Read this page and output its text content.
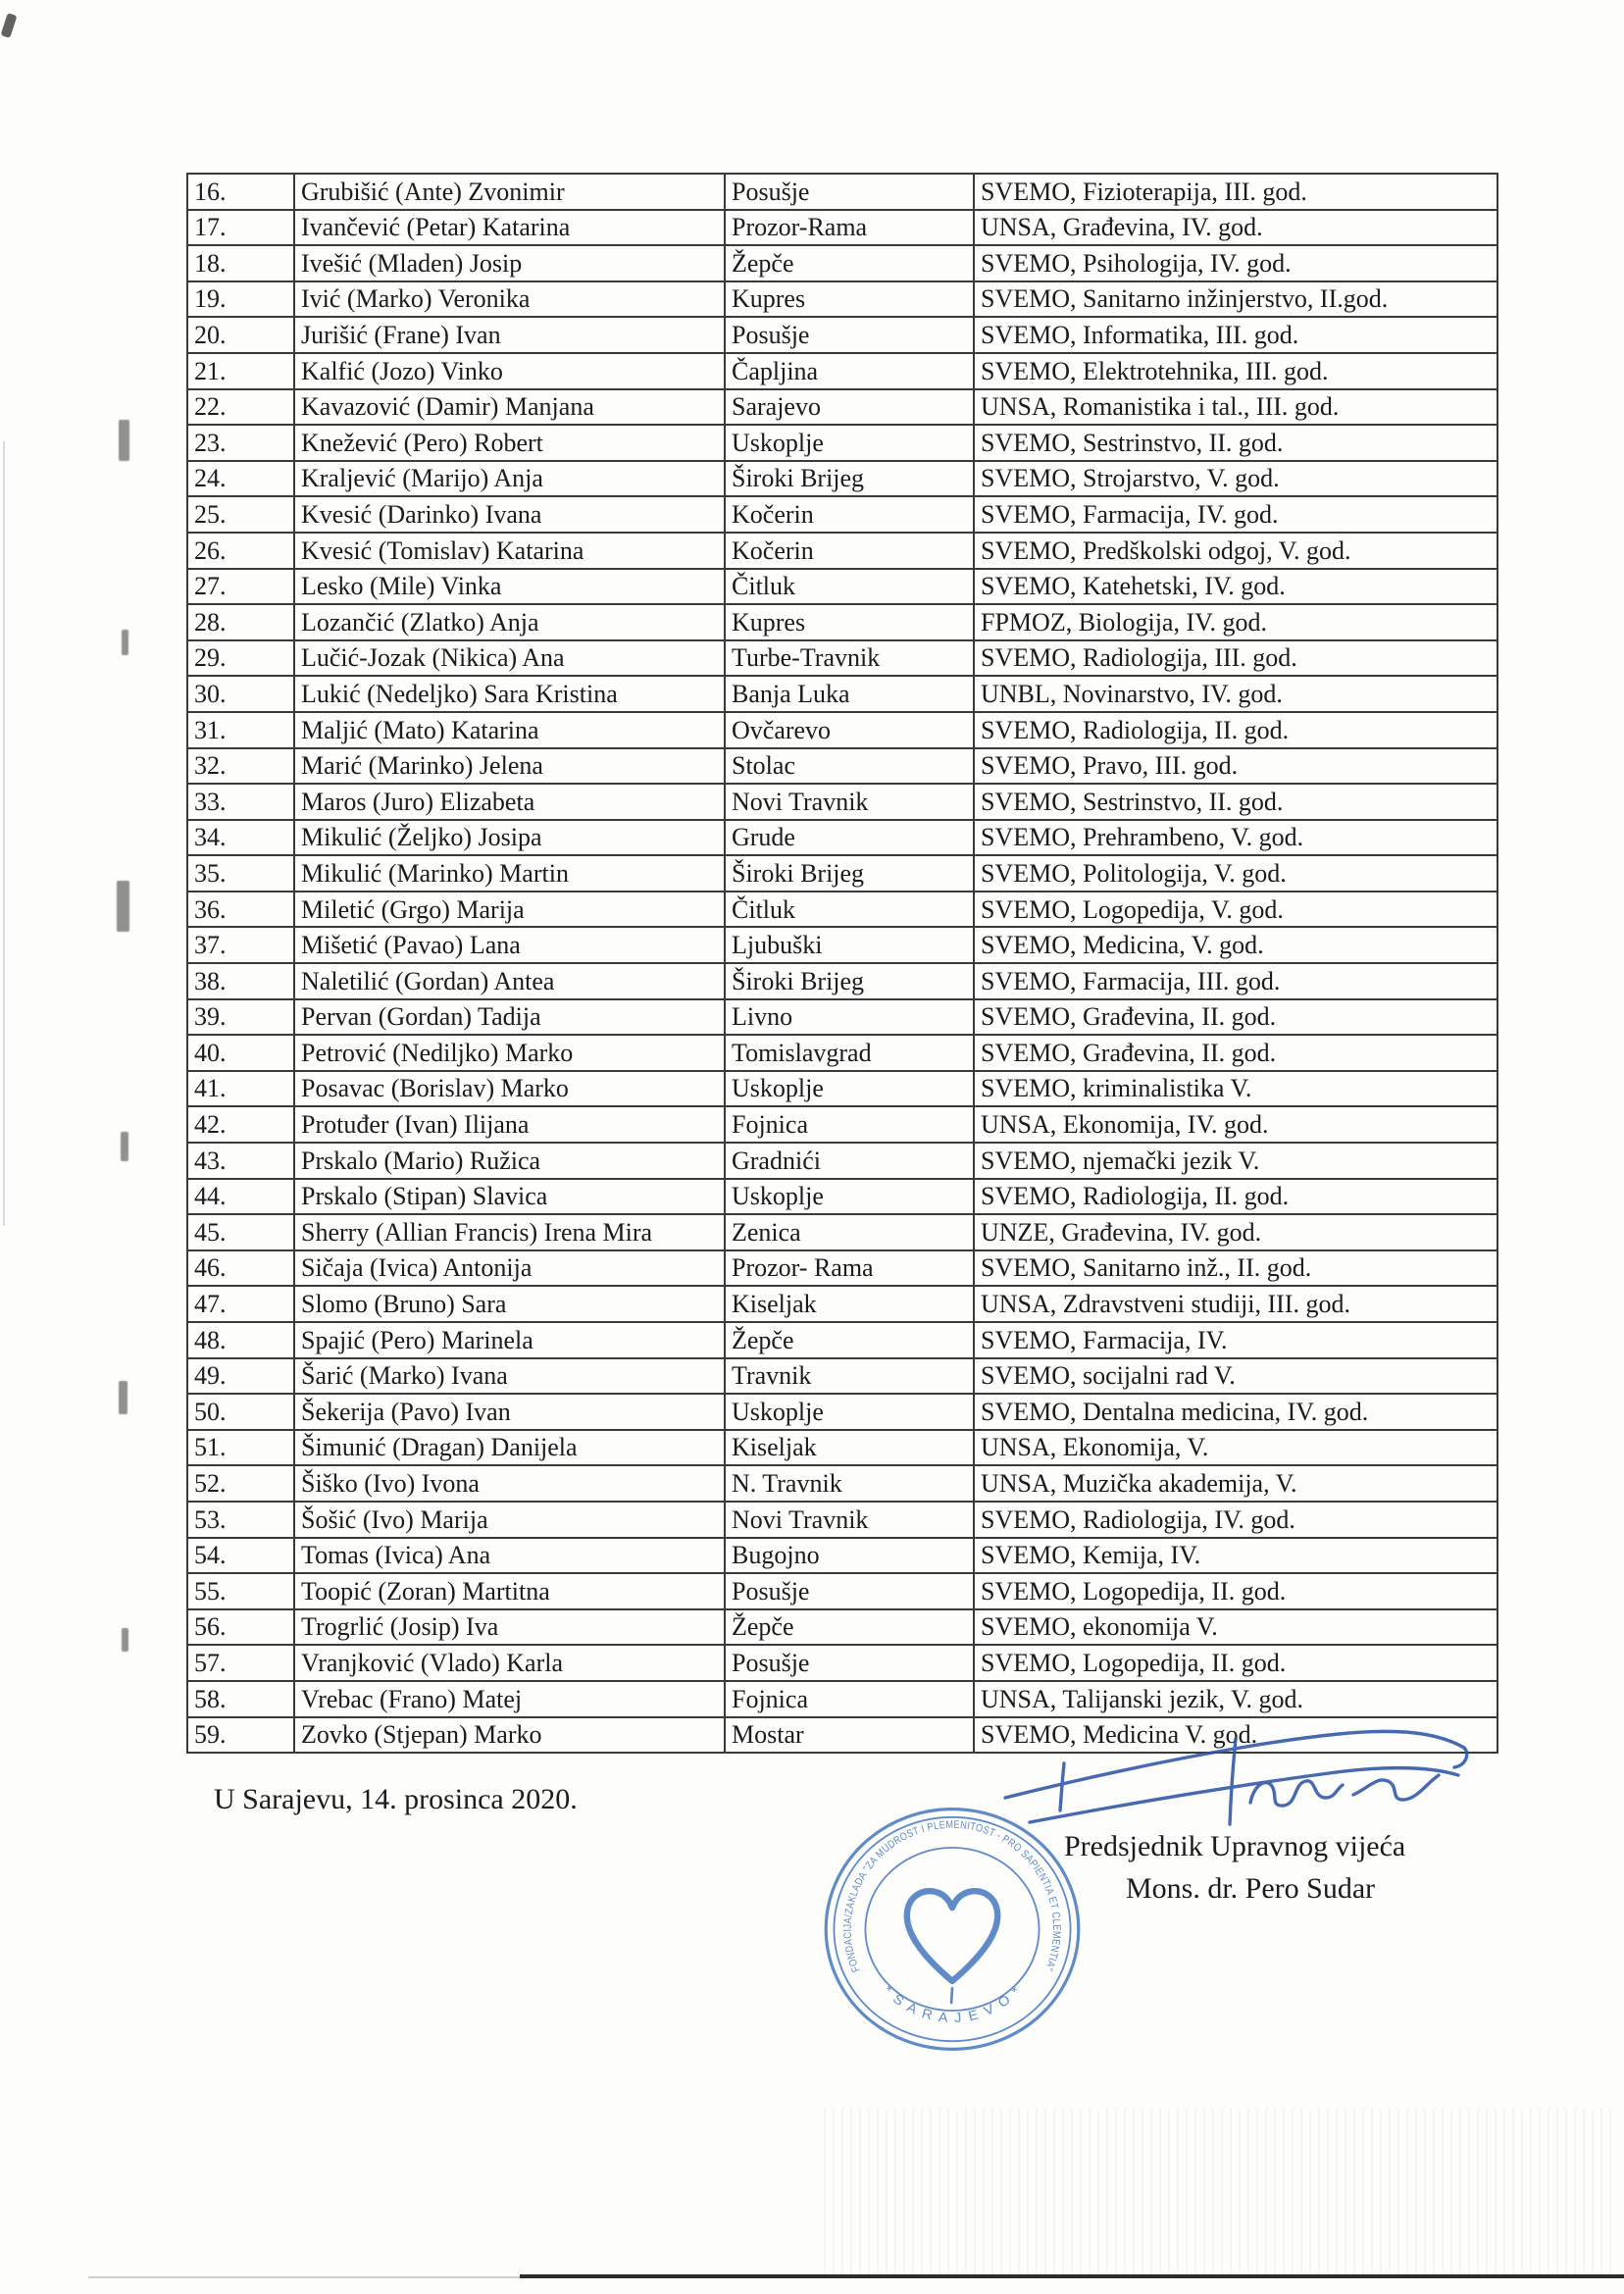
16.	Grubišić (Ante) Zvonimir	Posušje	SVEMO, Fizioterapija, III. god.
17.	Ivančević (Petar) Katarina	Prozor-Rama	UNSA, Građevina, IV. god.
18.	Ivešić (Mladen) Josip	Žepče	SVEMO, Psihologija, IV. god.
19.	Ivić (Marko) Veronika	Kupres	SVEMO, Sanitarno inžinjerstvo, II.god.
20.	Jurišić (Frane) Ivan	Posušje	SVEMO, Informatika, III. god.
21.	Kalfić (Jozo) Vinko	Čapljina	SVEMO, Elektrotehnika, III. god.
22.	Kavazović (Damir) Manjana	Sarajevo	UNSA, Romanistika i tal., III. god.
23.	Knežević (Pero) Robert	Uskoplje	SVEMO, Sestrinstvo, II. god.
24.	Kraljević (Marijo) Anja	Široki Brijeg	SVEMO, Strojarstvo, V. god.
25.	Kvesić (Darinko) Ivana	Kočerin	SVEMO, Farmacija, IV. god.
26.	Kvesić (Tomislav) Katarina	Kočerin	SVEMO, Predškolski odgoj, V. god.
27.	Lesko (Mile) Vinka	Čitluk	SVEMO, Katehetski, IV. god.
28.	Lozančić (Zlatko) Anja	Kupres	FPMOZ, Biologija, IV. god.
29.	Lučić-Jozak (Nikica) Ana	Turbe-Travnik	SVEMO, Radiologija, III. god.
30.	Lukić (Nedeljko) Sara Kristina	Banja Luka	UNBL, Novinarstvo, IV. god.
31.	Maljić (Mato) Katarina	Ovčarevo	SVEMO, Radiologija, II. god.
32.	Marić (Marinko) Jelena	Stolac	SVEMO, Pravo, III. god.
33.	Maros (Juro) Elizabeta	Novi Travnik	SVEMO, Sestrinstvo, II. god.
34.	Mikulić (Željko) Josipa	Grude	SVEMO, Prehrambeno, V. god.
35.	Mikulić (Marinko) Martin	Široki Brijeg	SVEMO, Politologija, V. god.
36.	Miletić (Grgo) Marija	Čitluk	SVEMO, Logopedija, V. god.
37.	Mišetić (Pavao) Lana	Ljubuški	SVEMO, Medicina, V. god.
38.	Naletilić (Gordan) Antea	Široki Brijeg	SVEMO, Farmacija, III. god.
39.	Pervan (Gordan) Tadija	Livno	SVEMO, Građevina, II. god.
40.	Petrović (Nediljko) Marko	Tomislavgrad	SVEMO, Građevina, II. god.
41.	Posavac (Borislav) Marko	Uskoplje	SVEMO, kriminalistika V.
42.	Protuđer (Ivan) Ilijana	Fojnica	UNSA, Ekonomija, IV. god.
43.	Prskalo (Mario) Ružica	Gradnići	SVEMO, njemački jezik V.
44.	Prskalo (Stipan) Slavica	Uskoplje	SVEMO, Radiologija, II. god.
45.	Sherry (Allian Francis) Irena Mira	Zenica	UNZE, Građevina, IV. god.
46.	Sičaja (Ivica) Antonija	Prozor- Rama	SVEMO, Sanitarno inž., II. god.
47.	Slomo (Bruno) Sara	Kiseljak	UNSA, Zdravstveni studiji, III. god.
48.	Spajić (Pero) Marinela	Žepče	SVEMO, Farmacija, IV.
49.	Šarić (Marko) Ivana	Travnik	SVEMO, socijalni rad V.
50.	Šekerija (Pavo) Ivan	Uskoplje	SVEMO, Dentalna medicina, IV. god.
51.	Šimunić (Dragan) Danijela	Kiseljak	UNSA, Ekonomija, V.
52.	Šiško (Ivo) Ivona	N. Travnik	UNSA, Muzička akademija, V.
53.	Šošić (Ivo) Marija	Novi Travnik	SVEMO, Radiologija, IV. god.
54.	Tomas (Ivica) Ana	Bugojno	SVEMO, Kemija, IV.
55.	Toopić (Zoran) Martitna	Posušje	SVEMO, Logopedija, II. god.
56.	Trogrlić (Josip) Iva	Žepče	SVEMO, ekonomija V.
57.	Vranjković (Vlado) Karla	Posušje	SVEMO, Logopedija, II. god.
58.	Vrebac (Frano) Matej	Fojnica	UNSA, Talijanski jezik, V. god.
59.	Zovko (Stjepan) Marko	Mostar	SVEMO, Medicina V. god.
U Sarajevu, 14. prosinca 2020.
FONDACIJA/ZAKLADA "ZA MUDROST I PLEMENITOST - PRO SAPIENTIA ET CLEMENTIA"
* S A R A J E V O *
Predsjednik Upravnog vijeća
Mons. dr. Pero Sudar
